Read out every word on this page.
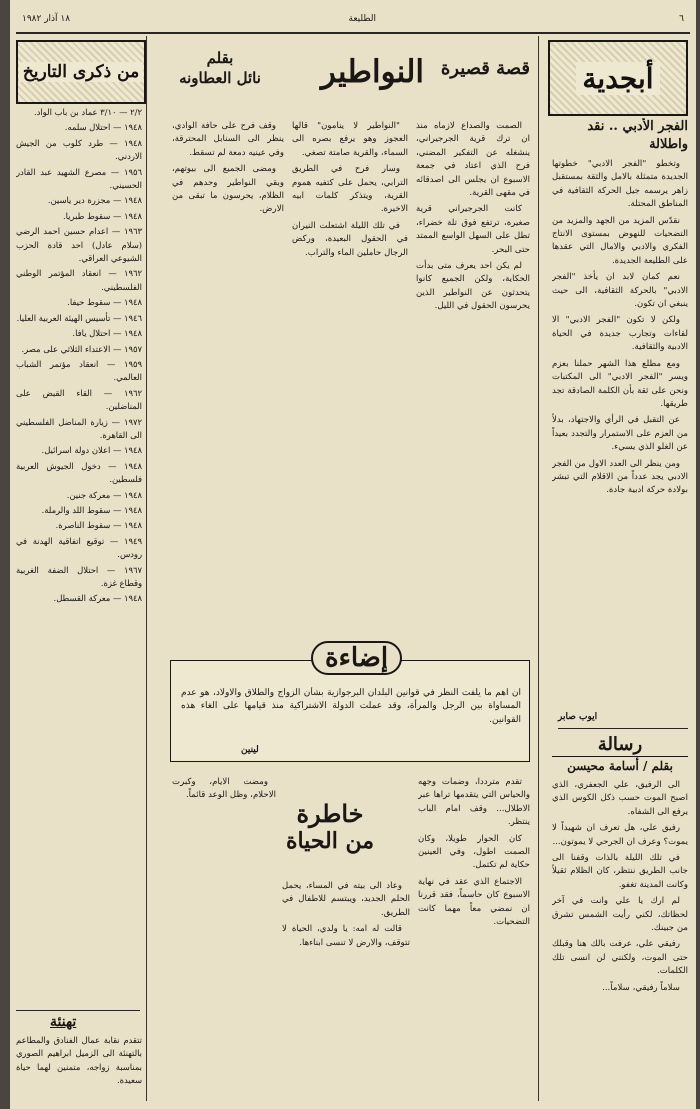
٦
الطليعة
١٨ آذار ١٩٨٢
أبجدية
الفجر الأدبي .. نقد واطلالة

وتخطو "الفجر الادبي" خطوتها الجديدة متمثلة بالامل والثقة بمستقبل زاهر يرسمه جيل الحركة الثقافية في المناطق المحتلة.

نقدّس المزيد من الجهد والمزيد من التضحيات للنهوض بمستوى الانتاج الفكري والادبي والامال التي عقدها على الطليعة الجديدة.

نعم كمان لابد ان يأخذ "الفجر الادبي" بالحركة الثقافية، الى حيث ينبغي ان تكون.

ولكن لا تكون "الفجر الادبي" الا لقاءات وتجارب جديدة في الحياة الادبية والثقافية.

ومع مطلع هذا الشهر حملنا بعزم ويسر "الفجر الادبي" الى المكتبات ونحن على ثقة بأن الكلمة الصادقة تجد طريقها.

عن التقبل في الرأي والاجتهاد، بدلاً من العزم على الاستمرار والتجدد بعيداً عن الغلو الذي يسيء.

ومن ينظر الى العدد الاول من الفجر الادبي يجد عدداً من الاقلام التي تبشر بولادة حركة ادبية جادة.

ايوب صابر
رسالة
بقلم / أسامة محيسن

الى الرفيق، علي الجعفري، الذي اصبح الموت حسب ذكل الكوس الذي يرفع الى الشفاه.

رفيق علي، هل تعرف ان شهيداً لا يموت؟ وعرف ان الجرحي لا يموتون...

في تلك الليلة بالذات وقفنا الى جانب الطريق ننتظر، كان الظلام ثقيلاً وكانت المدينة تغفو.

لم ارك يا علي وانت في آخر لحظاتك، لكني رأيت الشمس تشرق من جبينك.

رفيقي علي، عرفت بالك هنا وقبلك حتى الموت، ولكنني لن انسى تلك الكلمات.

سلاماً رفيقي، سلاماً...

قصة قصيرة
النواطير
بقلم
نائل العطاونه

الصمت والصداع لازماه منذ ان ترك قرية الجرجيراني، ينشغله عن التفكير المضني، فرح الذي اعتاد في جمعة الاسبوع ان يجلس الى اصدقائه في مقهى القرية.

كانت الجرجيراني قرية صغيرة، ترتفع فوق تلة خضراء، تطل على السهل الواسع الممتد حتى البحر.

لم يكن احد يعرف متى بدأت الحكاية، ولكن الجميع كانوا يتحدثون عن النواطير الذين يحرسون الحقول في الليل.

"النواطير لا ينامون" قالها العجوز وهو يرفع بصره الى السماء، والقرية صامتة تصغي.

وسار فرح في الطريق الترابي، يحمل على كتفيه هموم القرية، ويتذكر كلمات ابيه الاخيرة.

في تلك الليلة اشتعلت النيران في الحقول البعيدة، وركض الرجال حاملين الماء والتراب.

وقف فرح على حافة الوادي، ينظر الى السنابل المحترقة، وفي عينيه دمعة لم تسقط.

ومضى الجميع الى بيوتهم، وبقي النواطير وحدهم في الظلام، يحرسون ما تبقى من الارض.

إضاءة
ان اهم ما يلفت النظر في قوانين البلدان البرجوازية بشأن الزواج والطلاق والاولاد، هو عدم المساواة بين الرجل والمرأة، وقد عملت الدولة الاشتراكية منذ قيامها على الغاء هذه القوانين.
لينين
خاطرة
من الحياة

تقدم مترددا، وضمات وجهه والحياس التي يتقدمها تراها عبر الاطلال... وقف امام الباب ينتظر.

كان الحوار طويلا، وكان الصمت اطول، وفي العينين حكاية لم تكتمل.

الاجتماع الذي عقد في نهاية الاسبوع كان حاسماً، فقد قررنا ان نمضي معاً مهما كانت التضحيات.

وعاد الى بيته في المساء، يحمل الحلم الجديد، ويبتسم للاطفال في الطريق.

قالت له امه: يا ولدي، الحياة لا تتوقف، والارض لا تنسى ابناءها.

ومضت الايام، وكبرت الاحلام، وظل الوعد قائماً.

من ذكرى التاريخ
٢/٢ — ٣/١٠ عماد بن باب الواد.
١٩٤٨ — احتلال سلمه.
١٩٤٨ — طرد كلوب من الجيش الاردني.
١٩٥٦ — مصرع الشهيد عبد القادر الحسيني.
١٩٤٨ — مجزرة دير ياسين.
١٩٤٨ — سقوط طبريا.
١٩٦٣ — اعدام حسين احمد الرضي (سلام عادل) احد قادة الحزب الشيوعي العراقي.
١٩٦٢ — انعقاد المؤتمر الوطني الفلسطيني.
١٩٤٨ — سقوط حيفا.
١٩٤٦ — تأسيس الهيئة العربية العليا.
١٩٤٨ — احتلال يافا.
١٩٥٧ — الاعتداء الثلاثي على مصر.
١٩٥٩ — انعقاد مؤتمر الشباب العالمي.
١٩٦٢ — القاء القبض على المناضلين.
١٩٧٢ — زيارة المناضل الفلسطيني الى القاهرة.
١٩٤٨ — اعلان دولة اسرائيل.
١٩٤٨ — دخول الجيوش العربية فلسطين.
١٩٤٨ — معركة جنين.
١٩٤٨ — سقوط اللد والرملة.
١٩٤٨ — سقوط الناصرة.
١٩٤٩ — توقيع اتفاقية الهدنة في رودس.
١٩٦٧ — احتلال الضفة الغربية وقطاع غزة.
١٩٤٨ — معركة القسطل.
تهنئة
تتقدم نقابة عمال الفنادق والمطاعم بالتهنئة الى الزميل ابراهيم الصوري بمناسبة زواجه، متمنين لهما حياة سعيدة.
